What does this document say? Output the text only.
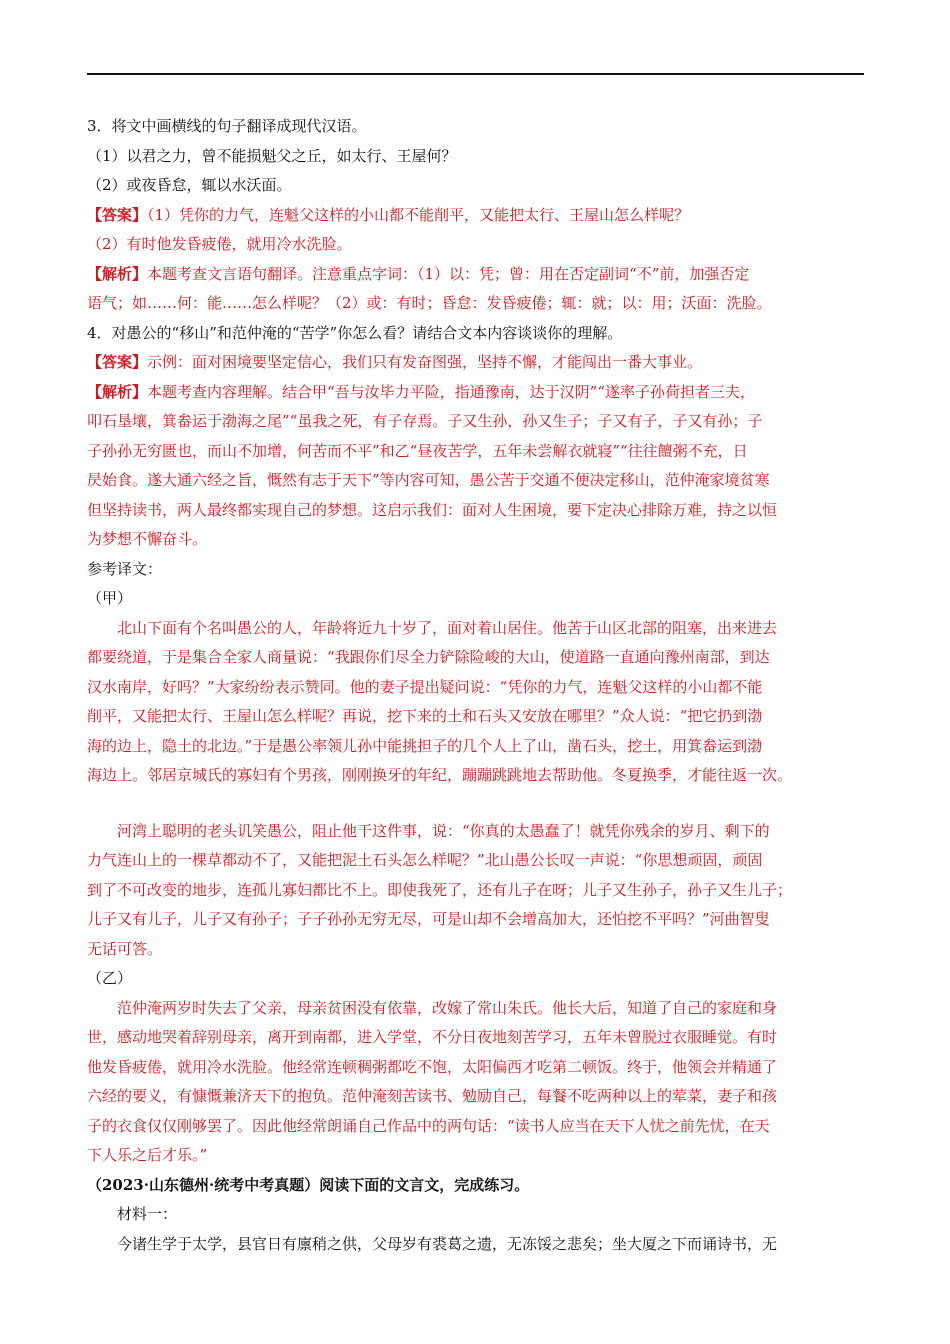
3．将文中画横线的句子翻译成现代汉语。
（1）以君之力，曾不能损魁父之丘，如太行、王屋何？
（2）或夜昏怠，辄以水沃面。
【答案】（1）凭你的力气，连魁父这样的小山都不能削平，又能把太行、王屋山怎么样呢？
（2）有时他发昏疲倦，就用冷水洗脸。
【解析】本题考查文言语句翻译。注意重点字词：（1）以：凭；曾：用在否定副词“不”前，加强否定
语气；如……何：能……怎么样呢？（2）或：有时；昏怠：发昏疲倦；辄：就；以：用；沃面：洗脸。
4．对愚公的“移山”和范仲淹的“苦学”你怎么看？请结合文本内容谈谈你的理解。
【答案】示例：面对困境要坚定信心，我们只有发奋图强，坚持不懈，才能闯出一番大事业。
【解析】本题考查内容理解。结合甲“吾与汝毕力平险，指通豫南，达于汉阴”“遂率子孙荷担者三夫，
叩石垦壤，箕畚运于渤海之尾”“虽我之死，有子存焉。子又生孙，孙又生子；子又有子，子又有孙；子
子孙孙无穷匮也，而山不加增，何苦而不平”和乙“昼夜苦学，五年未尝解衣就寝”“往往饘粥不充，日
昃始食。遂大通六经之旨，慨然有志于天下”等内容可知，愚公苦于交通不便决定移山，范仲淹家境贫寒
但坚持读书，两人最终都实现自己的梦想。这启示我们：面对人生困境，要下定决心排除万难，持之以恒
为梦想不懈奋斗。
参考译文：
（甲）
北山下面有个名叫愚公的人，年龄将近九十岁了，面对着山居住。他苦于山区北部的阻塞，出来进去
都要绕道，于是集合全家人商量说：“我跟你们尽全力铲除险峻的大山，使道路一直通向豫州南部，到达
汉水南岸，好吗？”大家纷纷表示赞同。他的妻子提出疑问说：“凭你的力气，连魁父这样的小山都不能
削平，又能把太行、王屋山怎么样呢？再说，挖下来的土和石头又安放在哪里？”众人说：“把它扔到渤
海的边上，隐土的北边。”于是愚公率领儿孙中能挑担子的几个人上了山，凿石头，挖土，用箕畚运到渤
海边上。邻居京城氏的寡妇有个男孩，刚刚换牙的年纪，蹦蹦跳跳地去帮助他。冬夏换季，才能往返一次。
河湾上聪明的老头讥笑愚公，阻止他干这件事，说：“你真的太愚蠢了！就凭你残余的岁月、剩下的
力气连山上的一棵草都动不了，又能把泥土石头怎么样呢？”北山愚公长叹一声说：“你思想顽固，顽固
到了不可改变的地步，连孤儿寡妇都比不上。即使我死了，还有儿子在呀；儿子又生孙子，孙子又生儿子；
儿子又有儿子，儿子又有孙子；子子孙孙无穷无尽，可是山却不会增高加大，还怕挖不平吗？”河曲智叟
无话可答。
（乙）
范仲淹两岁时失去了父亲，母亲贫困没有依靠，改嫁了常山朱氏。他长大后，知道了自己的家庭和身
世，感动地哭着辞别母亲，离开到南都，进入学堂，不分日夜地刻苦学习，五年未曾脱过衣服睡觉。有时
他发昏疲倦，就用冷水洗脸。他经常连顿稠粥都吃不饱，太阳偏西才吃第二顿饭。终于，他领会并精通了
六经的要义，有慷慨兼济天下的抱负。范仲淹刻苦读书、勉励自己，每餐不吃两种以上的荤菜，妻子和孩
子的衣食仅仅刚够罢了。因此他经常朗诵自己作品中的两句话：“读书人应当在天下人忧之前先忧，在天
下人乐之后才乐。”
（2023·山东德州·统考中考真题）阅读下面的文言文，完成练习。
材料一：
今诸生学于太学，县官日有廪稍之供，父母岁有裘葛之遗，无冻馁之悲矣；坐大厦之下而诵诗书，无
